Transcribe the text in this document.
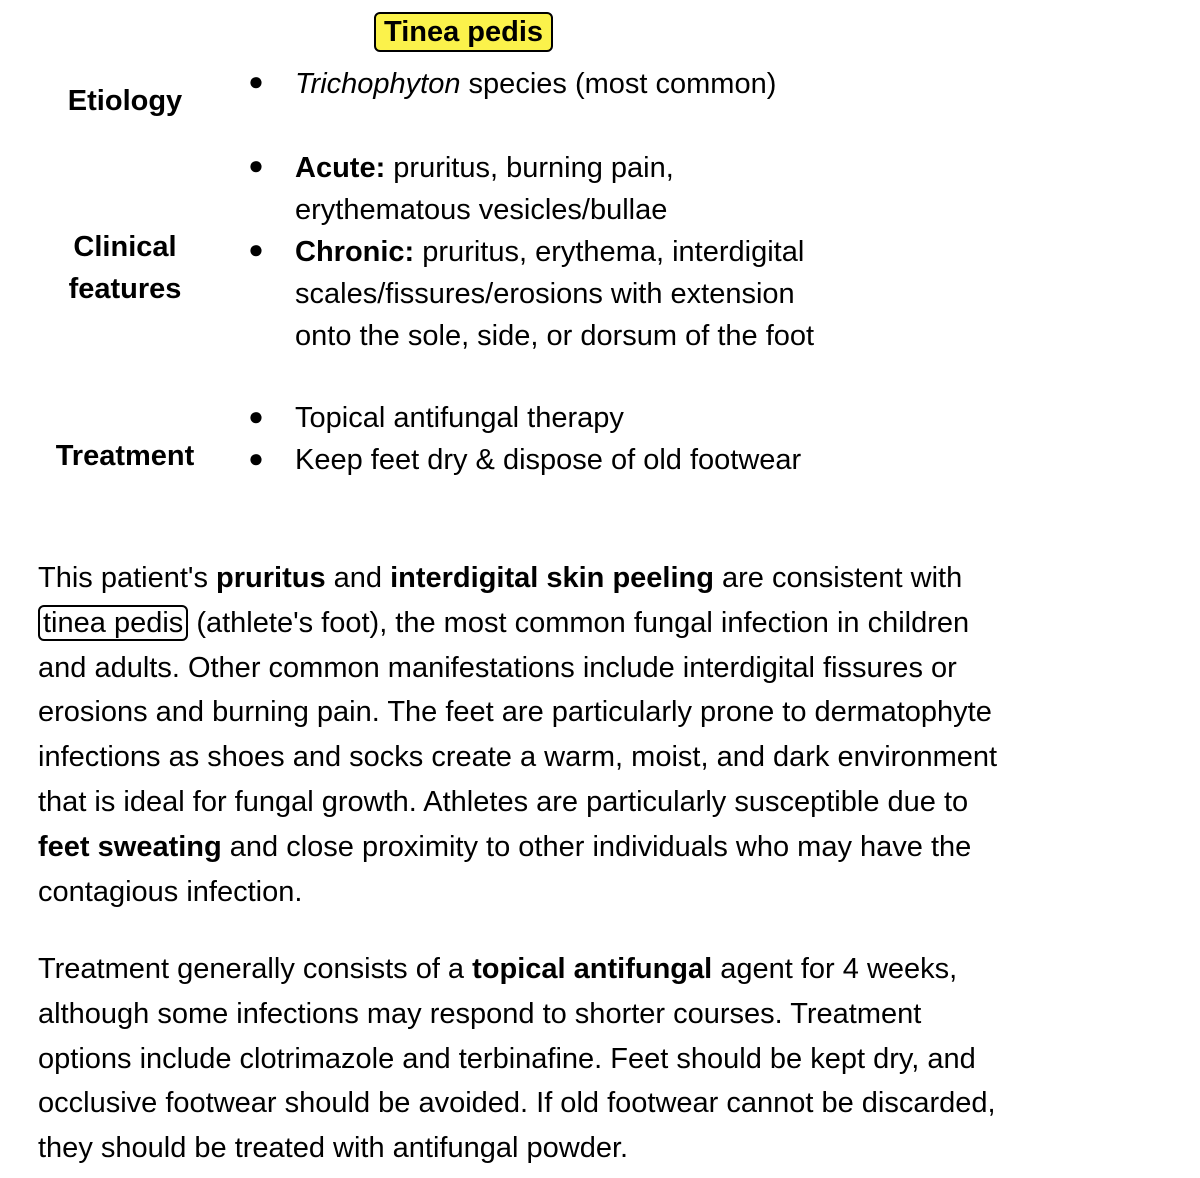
Tinea pedis
Etiology
●	Trichophyton species (most common)
Clinical
features
●	Acute: pruritus, burning pain,
erythematous vesicles/bullae
●	Chronic: pruritus, erythema, interdigital
scales/fissures/erosions with extension
onto the sole, side, or dorsum of the foot
Treatment
●	Topical antifungal therapy
●	Keep feet dry & dispose of old footwear
This patient's pruritus and interdigital skin peeling are consistent with
tinea pedis (athlete's foot), the most common fungal infection in children
and adults. Other common manifestations include interdigital fissures or
erosions and burning pain. The feet are particularly prone to dermatophyte
infections as shoes and socks create a warm, moist, and dark environment
that is ideal for fungal growth. Athletes are particularly susceptible due to
feet sweating and close proximity to other individuals who may have the
contagious infection.
Treatment generally consists of a topical antifungal agent for 4 weeks,
although some infections may respond to shorter courses. Treatment
options include clotrimazole and terbinafine. Feet should be kept dry, and
occlusive footwear should be avoided. If old footwear cannot be discarded,
they should be treated with antifungal powder.
